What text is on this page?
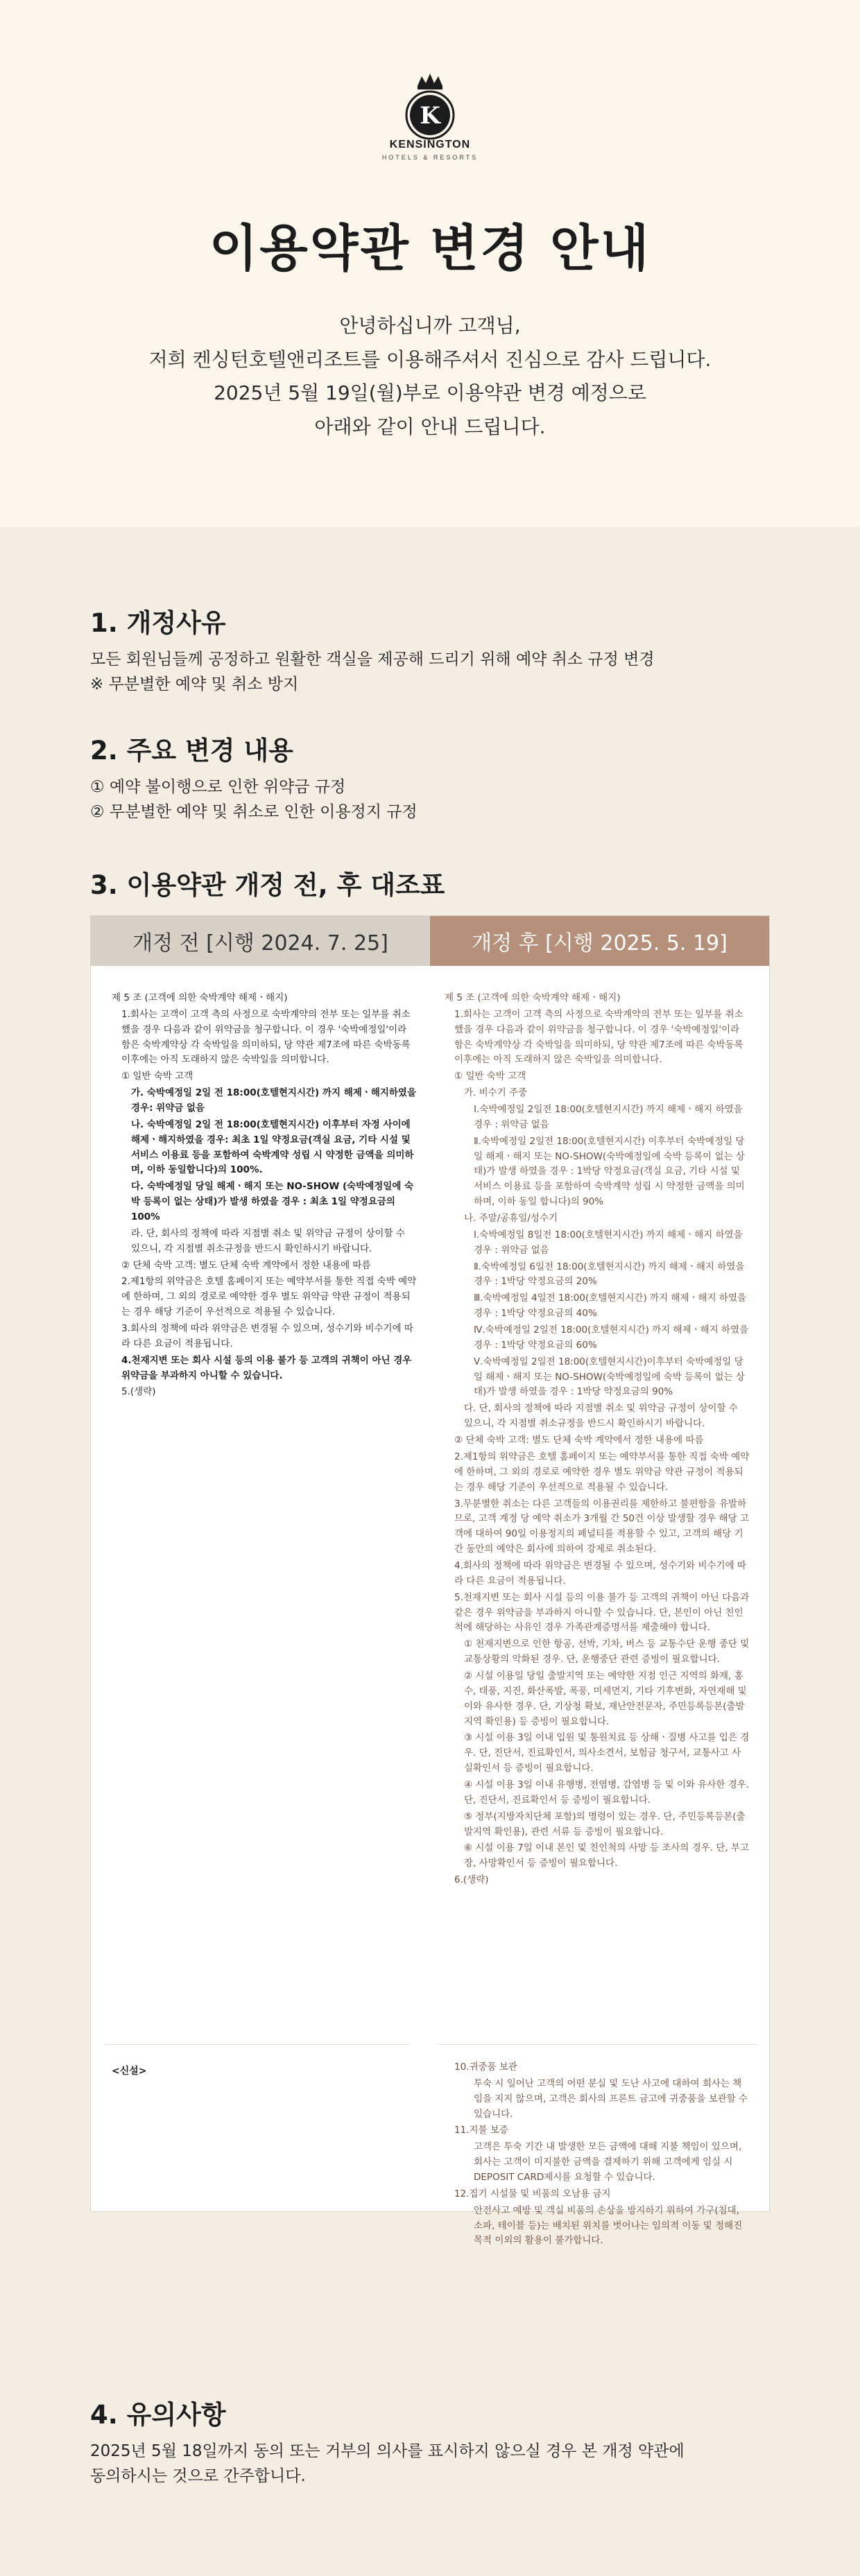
K
KENSINGTON
HOTELS & RESORTS
이용약관 변경 안내
안녕하십니까 고객님,
저희 켄싱턴호텔앤리조트를 이용해주셔서 진심으로 감사 드립니다.
2025년 5월 19일(월)부로 이용약관 변경 예정으로
아래와 같이 안내 드립니다.
1. 개정사유

모든 회원님들께 공정하고 원활한 객실을 제공해 드리기 위해 예약 취소 규정 변경

※ 무분별한 예약 및 취소 방지

2. 주요 변경 내용

① 예약 불이행으로 인한 위약금 규정

② 무분별한 예약 및 취소로 인한 이용정지 규정

3. 이용약관 개정 전, 후 대조표
개정 전 [시행 2024. 7. 25]	개정 후 [시행 2025. 5. 19]

제 5 조 (고객에 의한 숙박계약 해제ㆍ해지)

1.회사는 고객이 고객 측의 사정으로 숙박계약의 전부 또는 일부를 취소했을 경우 다음과 같이 위약금을 청구합니다. 이 경우 '숙박예정일'이라 함은 숙박계약상 각 숙박일을 의미하되, 당 약관 제7조에 따른 숙박동록 이후에는 아직 도래하지 않은 숙박일을 의미합니다.

① 일반 숙박 고객

가. 숙박예정일 2일 전 18:00(호텔현지시간) 까지 해제ㆍ해지하였을 경우: 위약금 없음

나. 숙박예정일 2일 전 18:00(호텔현지시간) 이후부터 자정 사이에 해제ㆍ해지하였을 경우: 최초 1일 약정요금(객실 요금, 기타 시설 및 서비스 이용료 등을 포함하여 숙박계약 성립 시 약정한 금액을 의미하며, 이하 동일합니다)의 100%.

다. 숙박예정일 당일 해제ㆍ해지 또는 NO-SHOW (숙박예정일에 숙박 등록이 없는 상태)가 발생 하였을 경우 : 최초 1일 약정요금의 100%

라. 단, 회사의 정책에 따라 지점별 취소 및 위약금 규정이 상이할 수 있으니, 각 지점별 취소규정을 반드시 확인하시기 바랍니다.

② 단체 숙박 고객: 별도 단체 숙박 계약에서 정한 내용에 따름

2.제1항의 위약금은 호텔 홈페이지 또는 예약부서를 통한 직접 숙박 예약에 한하며, 그 외의 경로로 예약한 경우 별도 위약금 약관 규정이 적용되는 경우 해당 기준이 우선적으로 적용될 수 있습니다.

3.회사의 정책에 따라 위약금은 변경될 수 있으며, 성수기와 비수기에 따라 다른 요금이 적용됩니다.

4.천재지변 또는 회사 시설 등의 이용 불가 등 고객의 귀책이 아닌 경우 위약금을 부과하지 아니할 수 있습니다.

5.(생략)

제 5 조 (고객에 의한 숙박계약 해제ㆍ해지)

1.회사는 고객이 고객 측의 사정으로 숙박계약의 전부 또는 일부를 취소했을 경우 다음과 같이 위약금을 청구합니다. 이 경우 '숙박예정일'이라 함은 숙박계약상 각 숙박일을 의미하되, 당 약관 제7조에 따른 숙박동록 이후에는 아직 도래하지 않은 숙박일을 의미합니다.

① 일반 숙박 고객

가. 비수기 주중

Ⅰ.숙박예정일 2일전 18:00(호텔현지시간) 까지 해제ㆍ해지 하였을 경우 : 위약금 없음

Ⅱ.숙박예정일 2일전 18:00(호텔현지시간) 이후부터 숙박예정일 당일 해제ㆍ해지 또는 NO-SHOW(숙박예정일에 숙박 등록이 없는 상태)가 발생 하였을 경우 : 1박당 약정요금(객실 요금, 기타 시설 및 서비스 이용료 등을 포함하여 숙박계약 성립 시 약정한 금액을 의미하며, 이하 동일 합니다)의 90%

나. 주말/공휴일/성수기

Ⅰ.숙박예정일 8일전 18:00(호텔현지시간) 까지 해제ㆍ해지 하였을 경우 : 위약금 없음

Ⅱ.숙박예정일 6일전 18:00(호텔현지시간) 까지 해제ㆍ해지 하였을 경우 : 1박당 약정요금의 20%

Ⅲ.숙박예정일 4일전 18:00(호텔현지시간) 까지 해제ㆍ해지 하였을 경우 : 1박당 약정요금의 40%

Ⅳ.숙박예정일 2일전 18:00(호텔현지시간) 까지 해제ㆍ해지 하였을 경우 : 1박당 약정요금의 60%

Ⅴ.숙박예정일 2일전 18:00(호텔현지시간)이후부터 숙박예정일 당일 해제ㆍ해지 또는 NO-SHOW(숙박예정일에 숙박 등록이 없는 상태)가 발생 하였을 경우 : 1박당 약정요금의 90%

다. 단, 회사의 정책에 따라 지점별 취소 및 위약금 규정이 상이할 수 있으니, 각 지점별 취소규정을 반드시 확인하시기 바랍니다.

② 단체 숙박 고객: 별도 단체 숙박 계약에서 정한 내용에 따름

2.제1항의 위약금은 호텔 홈페이지 또는 예약부서를 통한 직접 숙박 예약에 한하며, 그 외의 경로로 예약한 경우 별도 위약금 약관 규정이 적용되는 경우 해당 기준이 우선적으로 적용될 수 있습니다.

3.무분별한 취소는 다른 고객들의 이용권리를 제한하고 불편함을 유발하므로, 고객 계정 당 예약 취소가 3개월 간 50건 이상 발생할 경우 해당 고객에 대하여 90일 이용정지의 페널티를 적용할 수 있고, 고객의 해당 기간 동안의 예약은 회사에 의하여 강제로 취소된다.

4.회사의 정책에 따라 위약금은 변경될 수 있으며, 성수기와 비수기에 따라 다른 요금이 적용됩니다.

5.천재지변 또는 회사 시설 등의 이용 불가 등 고객의 귀책이 아닌 다음과 같은 경우 위약금을 부과하지 아니할 수 있습니다. 단, 본인이 아닌 친인척에 해당하는 사유인 경우 가족관계증명서를 제출해야 합니다.

① 천재지변으로 인한 항공, 선박, 기차, 버스 등 교통수단 운행 중단 및 교통상황의 악화된 경우. 단, 운행중단 관련 증빙이 필요합니다.

② 시설 이용일 당일 출발지역 또는 예약한 지점 인근 지역의 화재, 홍수, 태풍, 지진, 화산폭발, 폭풍, 미세먼지, 기타 기후변화, 자연재해 및 이와 유사한 경우. 단, 기상청 확보, 재난안전문자, 주민등록등본(출발지역 확인용) 등 증빙이 필요합니다.

③ 시설 이용 3일 이내 입원 및 통원치료 등 상해ㆍ질병 사고를 입은 경우. 단, 진단서, 진료확인서, 의사소견서, 보험금 청구서, 교통사고 사실확인서 등 증빙이 필요합니다.

④ 시설 이용 3일 이내 유행병, 전염병, 감염병 등 및 이와 유사한 경우. 단, 진단서, 진료확인서 등 증빙이 필요합니다.

⑤ 정부(지방자치단체 포함)의 명령이 있는 경우. 단, 주민등록등본(출발지역 확인용), 관련 서류 등 증빙이 필요합니다.

⑥ 시설 이용 7일 이내 본인 및 친인척의 사망 등 조사의 경우. 단, 부고장, 사망확인서 등 증빙이 필요합니다.

6.(생략)

<신설>	10.귀중품 보관

투숙 시 일어난 고객의 어떤 분실 및 도난 사고에 대하여 회사는 책임을 지지 않으며, 고객은 회사의 프론트 금고에 귀중품을 보관할 수 있습니다.

11.지불 보증

고객은 투숙 기간 내 발생한 모든 금액에 대해 지불 책임이 있으며, 회사는 고객이 미지불한 금액을 결제하기 위해 고객에게 임실 시 DEPOSIT CARD제시를 요청할 수 있습니다.

12.집기 시설물 및 비품의 오남용 금지

안전사고 예방 및 객실 비품의 손상을 방지하기 위하여 가구(침대, 소파, 테이블 등)는 배치된 위치를 벗어나는 임의적 이동 및 정해진 목적 이외의 활용이 불가합니다.

4. 유의사항

2025년 5월 18일까지 동의 또는 거부의 의사를 표시하지 않으실 경우 본 개정 약관에

동의하시는 것으로 간주합니다.
